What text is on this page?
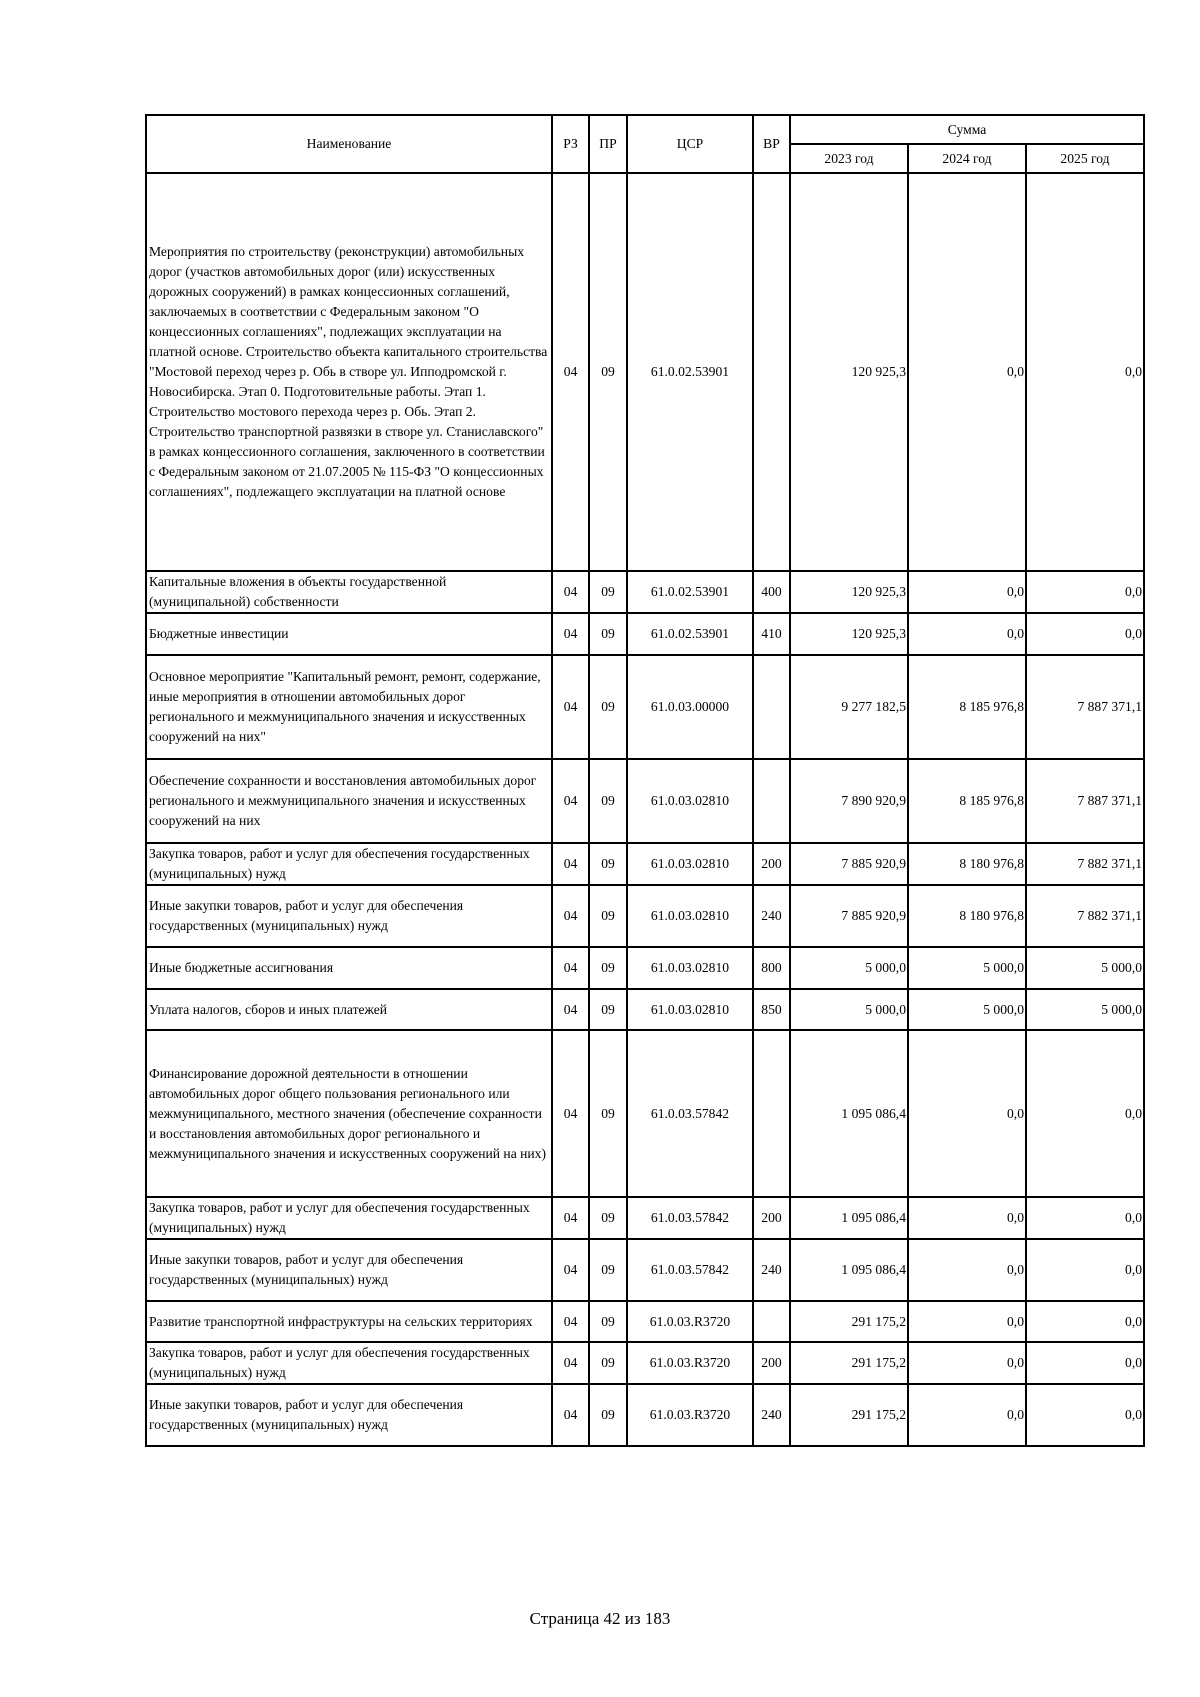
Наименование	РЗ	ПР	ЦСР	ВР	Сумма		
					2023 год	2024 год	2025 год
Мероприятия по строительству (реконструкции) автомобильных дорог (участков автомобильных дорог (или) искусственных дорожных сооружений) в рамках концессионных соглашений, заключаемых в соответствии с Федеральным законом "О концессионных соглашениях", подлежащих эксплуатации на платной основе. Строительство объекта капитального строительства "Мостовой переход через р. Обь в створе ул. Ипподромской г. Новосибирска. Этап 0. Подготовительные работы. Этап 1. Строительство мостового перехода через р. Обь. Этап 2. Строительство транспортной развязки в створе ул. Станиславского" в рамках концессионного соглашения, заключенного в соответствии с Федеральным законом от 21.07.2005 № 115-ФЗ "О концессионных соглашениях", подлежащего эксплуатации на платной основе	04	09	61.0.02.53901		120 925,3	0,0	0,0
Капитальные вложения в объекты государственной (муниципальной) собственности	04	09	61.0.02.53901	400	120 925,3	0,0	0,0
Бюджетные инвестиции	04	09	61.0.02.53901	410	120 925,3	0,0	0,0
Основное мероприятие "Капитальный ремонт, ремонт, содержание, иные мероприятия в отношении автомобильных дорог регионального и межмуниципального значения и искусственных сооружений на них"	04	09	61.0.03.00000		9 277 182,5	8 185 976,8	7 887 371,1
Обеспечение сохранности и восстановления автомобильных дорог регионального и межмуниципального значения и искусственных сооружений на них	04	09	61.0.03.02810		7 890 920,9	8 185 976,8	7 887 371,1
Закупка товаров, работ и услуг для обеспечения государственных (муниципальных) нужд	04	09	61.0.03.02810	200	7 885 920,9	8 180 976,8	7 882 371,1
Иные закупки товаров, работ и услуг для обеспечения государственных (муниципальных) нужд	04	09	61.0.03.02810	240	7 885 920,9	8 180 976,8	7 882 371,1
Иные бюджетные ассигнования	04	09	61.0.03.02810	800	5 000,0	5 000,0	5 000,0
Уплата налогов, сборов и иных платежей	04	09	61.0.03.02810	850	5 000,0	5 000,0	5 000,0
Финансирование дорожной деятельности в отношении автомобильных дорог общего пользования регионального или межмуниципального, местного значения (обеспечение сохранности и восстановления автомобильных дорог регионального и межмуниципального значения и искусственных сооружений на них)	04	09	61.0.03.57842		1 095 086,4	0,0	0,0
Закупка товаров, работ и услуг для обеспечения государственных (муниципальных) нужд	04	09	61.0.03.57842	200	1 095 086,4	0,0	0,0
Иные закупки товаров, работ и услуг для обеспечения государственных (муниципальных) нужд	04	09	61.0.03.57842	240	1 095 086,4	0,0	0,0
Развитие транспортной инфраструктуры на сельских территориях	04	09	61.0.03.R3720		291 175,2	0,0	0,0
Закупка товаров, работ и услуг для обеспечения государственных (муниципальных) нужд	04	09	61.0.03.R3720	200	291 175,2	0,0	0,0
Иные закупки товаров, работ и услуг для обеспечения государственных (муниципальных) нужд	04	09	61.0.03.R3720	240	291 175,2	0,0	0,0
Страница 42 из 183
